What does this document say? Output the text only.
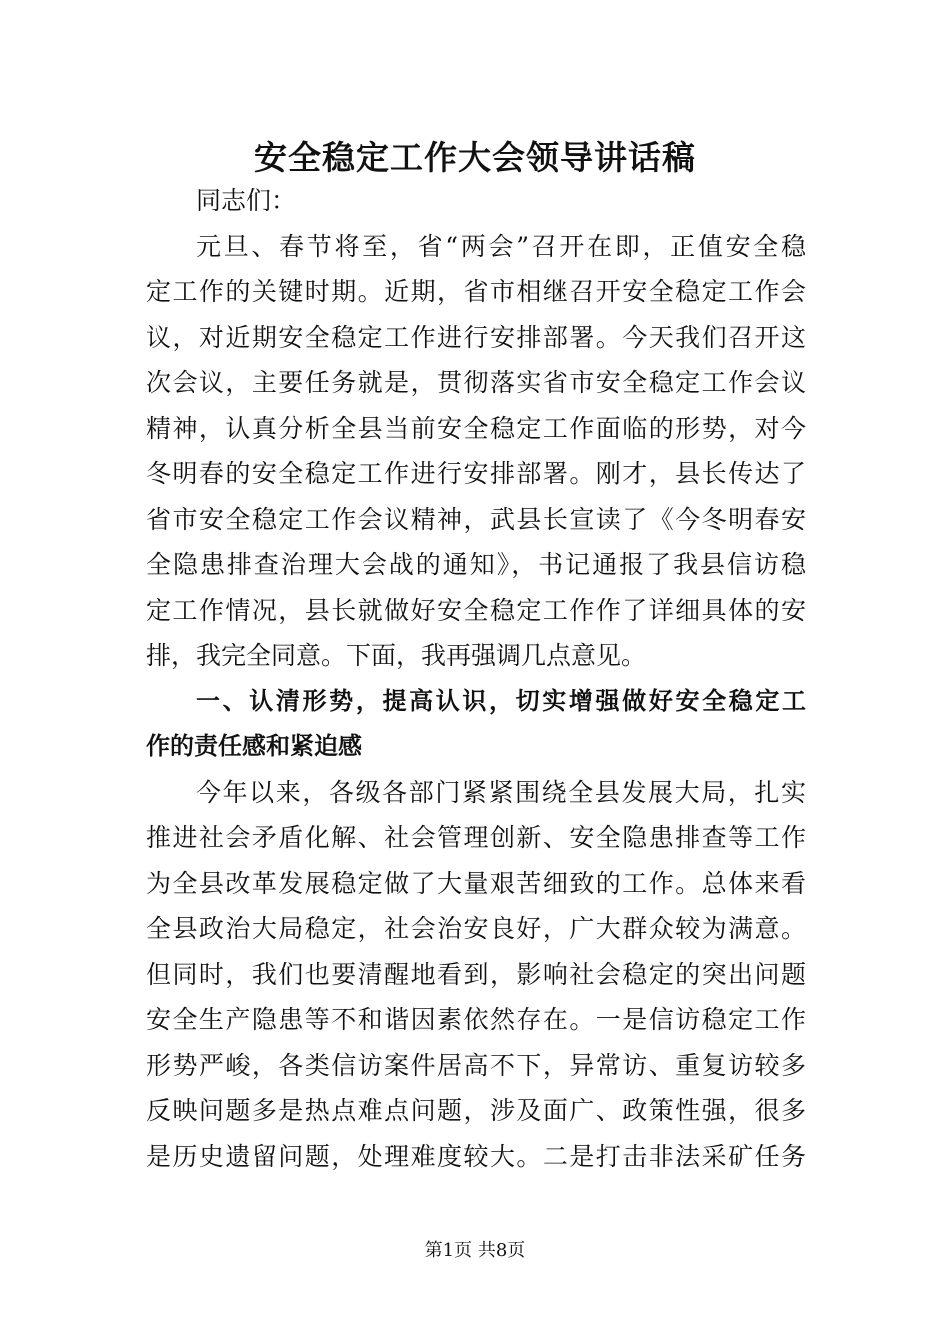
安全稳定工作大会领导讲话稿
同志们：
元旦、春节将至，省“两会”召开在即，正值安全稳
定工作的关键时期。近期，省市相继召开安全稳定工作会
议，对近期安全稳定工作进行安排部署。今天我们召开这
次会议，主要任务就是，贯彻落实省市安全稳定工作会议
精神，认真分析全县当前安全稳定工作面临的形势，对今
冬明春的安全稳定工作进行安排部署。刚才，县长传达了
省市安全稳定工作会议精神，武县长宣读了《今冬明春安
全隐患排查治理大会战的通知》，书记通报了我县信访稳
定工作情况，县长就做好安全稳定工作作了详细具体的安
排，我完全同意。下面，我再强调几点意见。
一、认清形势，提高认识，切实增强做好安全稳定工
作的责任感和紧迫感
今年以来，各级各部门紧紧围绕全县发展大局，扎实
推进社会矛盾化解、社会管理创新、安全隐患排查等工作
为全县改革发展稳定做了大量艰苦细致的工作。总体来看
全县政治大局稳定，社会治安良好，广大群众较为满意。
但同时，我们也要清醒地看到，影响社会稳定的突出问题
安全生产隐患等不和谐因素依然存在。一是信访稳定工作
形势严峻，各类信访案件居高不下，异常访、重复访较多
反映问题多是热点难点问题，涉及面广、政策性强，很多
是历史遗留问题，处理难度较大。二是打击非法采矿任务
第1页 共8页
